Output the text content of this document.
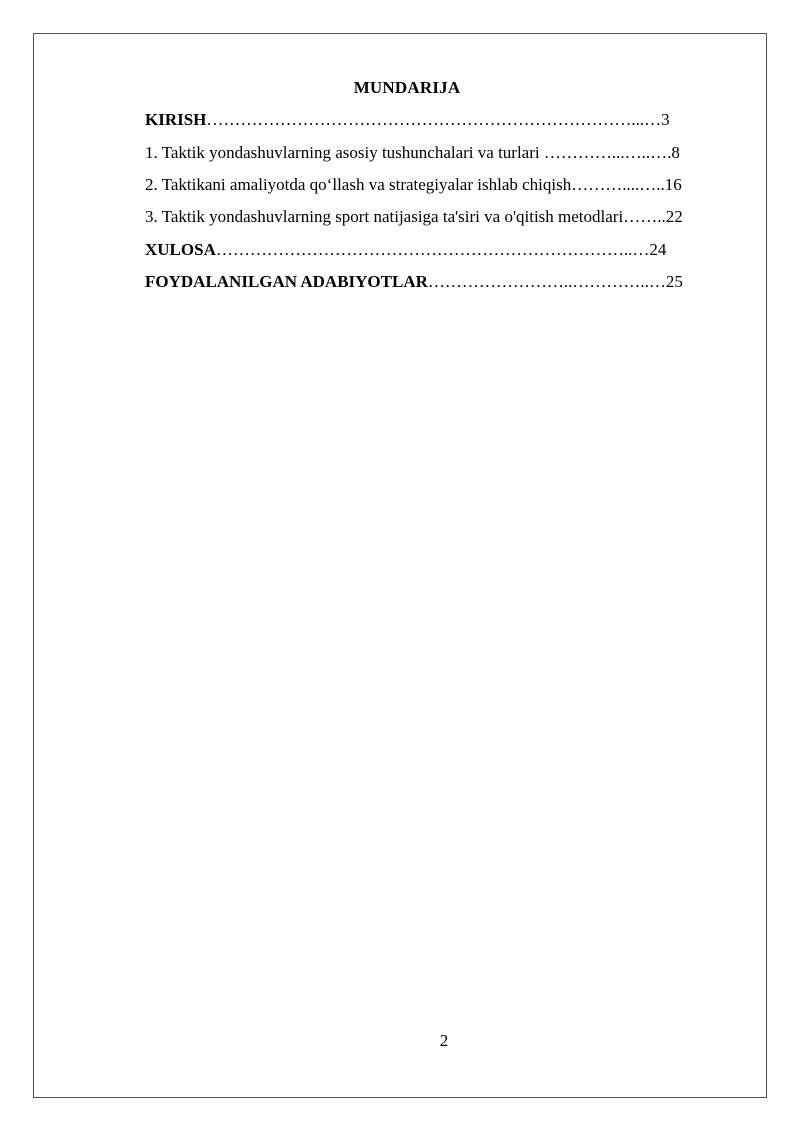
MUNDARIJA
KIRISH…………………………………………………………………...…3
1. Taktik yondashuvlarning asosiy tushunchalari va turlari …………...…..….8
2. Taktikani amaliyotda qo‘llash va strategiyalar ishlab chiqish………....…..16
3. Taktik yondashuvlarning sport natijasiga ta'siri va o'qitish metodlari……..22
XULOSA………………………………………………………………..…24
FOYDALANILGAN ADABIYOTLAR……………………..…………..…25
2
